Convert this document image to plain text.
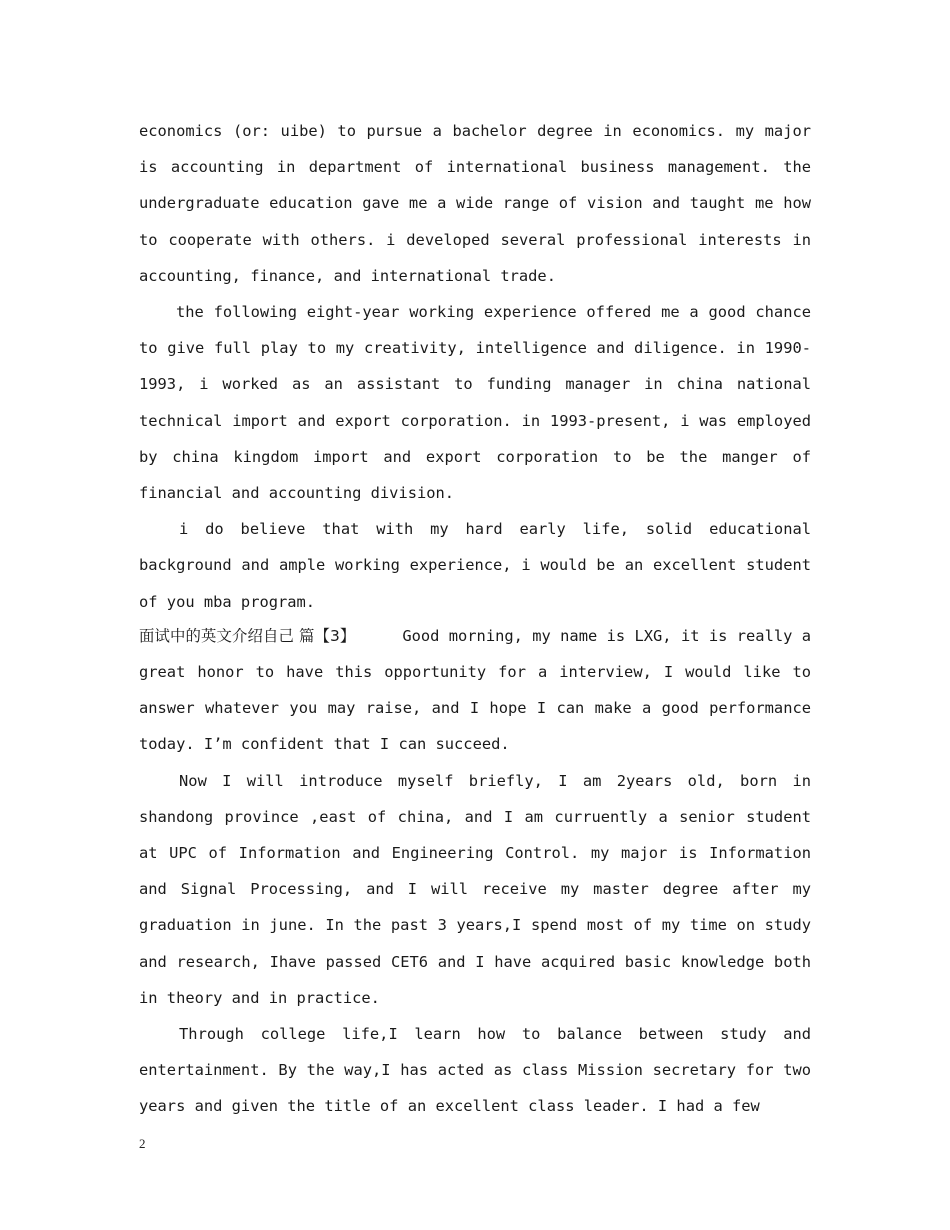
economics (or: uibe) to pursue a bachelor degree in economics. my major is accounting in department of international business management. the undergraduate education gave me a wide range of vision and taught me how to cooperate with others. i developed several professional interests in accounting, finance, and international trade.

the following eight-year working experience offered me a good chance to give full play to my creativity, intelligence and diligence. in 1990-1993, i worked as an assistant to funding manager in china national technical import and export corporation. in 1993-present, i was employed by china kingdom import and export corporation to be the manger of financial and accounting division.

i do believe that with my hard early life, solid educational background and ample working experience, i would be an excellent student of you mba program.

面试中的英文介绍自己 篇【3】	Good morning, my name is LXG, it is really a great honor to have this opportunity for a interview, I would like to answer whatever you may raise, and I hope I can make a good performance today. I’m confident that I can succeed.

Now I will introduce myself briefly, I am 2years old, born in shandong province ,east of china, and I am curruently a senior student at UPC of Information and Engineering Control. my major is Information and Signal Processing, and I will receive my master degree after my graduation in june. In the past 3 years,I spend most of my time on study and research, Ihave passed CET6 and I have acquired basic knowledge both in theory and in practice.

Through college life,I learn how to balance between study and entertainment. By the way,I has acted as class Mission secretary for two years and given the title of an excellent class leader. I had a few

2
